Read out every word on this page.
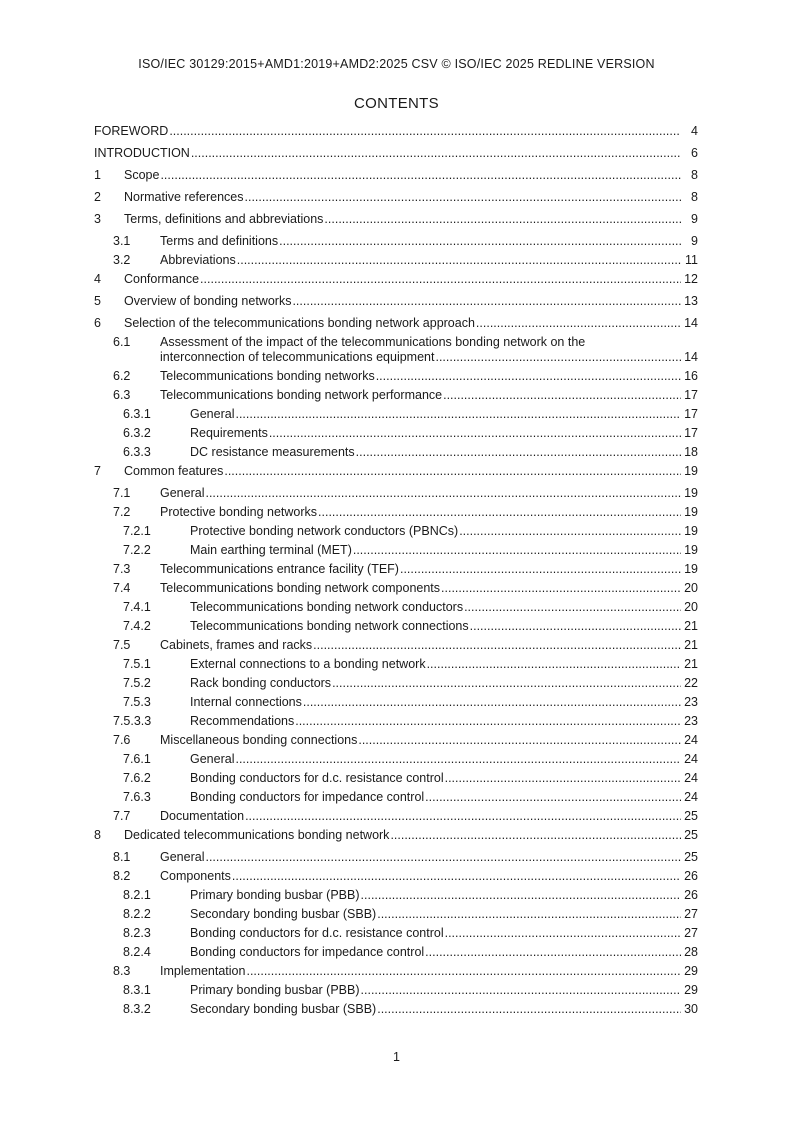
ISO/IEC 30129:2015+AMD1:2019+AMD2:2025 CSV © ISO/IEC 2025 REDLINE VERSION
CONTENTS
FOREWORD .....	4
INTRODUCTION .....	6
1 Scope .....	8
2 Normative references .....	8
3 Terms, definitions and abbreviations .....	9
3.1 Terms and definitions .....	9
3.2 Abbreviations .....	11
4 Conformance .....	12
5 Overview of bonding networks .....	13
6 Selection of the telecommunications bonding network approach .....	14
6.1 Assessment of the impact of the telecommunications bonding network on the
interconnection of telecommunications equipment .....	14
6.2 Telecommunications bonding networks .....	16
6.3 Telecommunications bonding network performance .....	17
6.3.1	General .....	17
6.3.2	Requirements .....	17
6.3.3	DC resistance measurements .....	18
7 Common features .....	19
7.1 General .....	19
7.2 Protective bonding networks .....	19
7.2.1	Protective bonding network conductors (PBNCs) .....	19
7.2.2	Main earthing terminal (MET) .....	19
7.3 Telecommunications entrance facility (TEF) .....	19
7.4 Telecommunications bonding network components .....	20
7.4.1	Telecommunications bonding network conductors .....	20
7.4.2	Telecommunications bonding network connections .....	21
7.5 Cabinets, frames and racks .....	21
7.5.1	External connections to a bonding network .....	21
7.5.2	Rack bonding conductors .....	22
7.5.3	Internal connections .....	23
7.5.3.3	Recommendations .....	23
7.6 Miscellaneous bonding connections .....	24
7.6.1	General .....	24
7.6.2	Bonding conductors for d.c. resistance control .....	24
7.6.3	Bonding conductors for impedance control .....	24
7.7 Documentation .....	25
8 Dedicated telecommunications bonding network .....	25
8.1 General .....	25
8.2 Components .....	26
8.2.1	Primary bonding busbar (PBB) .....	26
8.2.2	Secondary bonding busbar (SBB) .....	27
8.2.3	Bonding conductors for d.c. resistance control .....	27
8.2.4	Bonding conductors for impedance control .....	28
8.3 Implementation .....	29
8.3.1	Primary bonding busbar (PBB) .....	29
8.3.2	Secondary bonding busbar (SBB) .....	30
1
